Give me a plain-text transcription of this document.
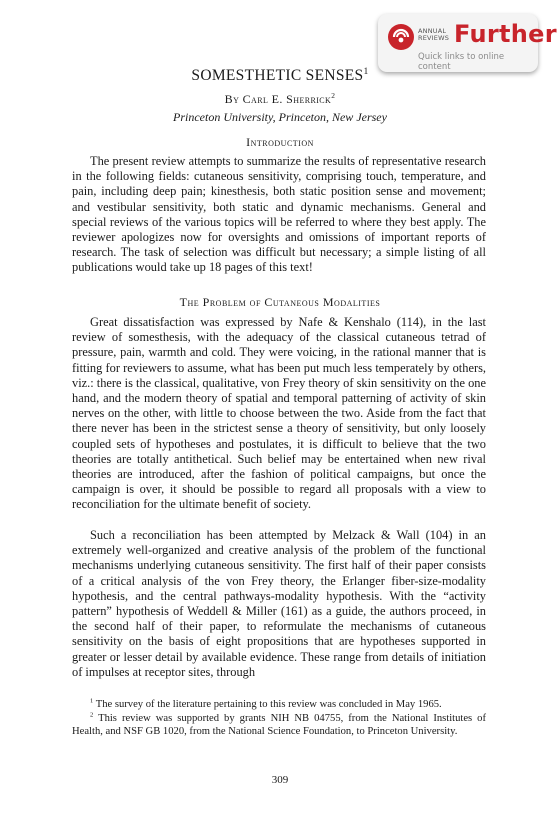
ANNUAL
REVIEWS Further
Quick links to online content
SOMESTHETIC SENSES$^1$
By Carl E. Sherrick$^2$
Princeton University, Princeton, New Jersey
Introduction

The present review attempts to summarize the results of representative research in the following fields: cutaneous sensitivity, comprising touch, temperature, and pain, including deep pain; kinesthesis, both static position sense and movement; and vestibular sensitivity, both static and dynamic mechanisms. General and special reviews of the various topics will be referred to where they best apply. The reviewer apologizes now for oversights and omissions of important reports of research. The task of selection was difficult but necessary; a simple listing of all publications would take up 18 pages of this text!

The Problem of Cutaneous Modalities

Great dissatisfaction was expressed by Nafe & Kenshalo (114), in the last review of somesthesis, with the adequacy of the classical cutaneous tetrad of pressure, pain, warmth and cold. They were voicing, in the rational manner that is fitting for reviewers to assume, what has been put much less temperately by others, viz.: there is the classical, qualitative, von Frey theory of skin sensitivity on the one hand, and the modern theory of spatial and temporal patterning of activity of skin nerves on the other, with little to choose between the two. Aside from the fact that there never has been in the strictest sense a theory of sensitivity, but only loosely coupled sets of hypotheses and postulates, it is difficult to believe that the two theories are totally antithetical. Such belief may be entertained when new rival theories are introduced, after the fashion of political campaigns, but once the campaign is over, it should be possible to regard all proposals with a view to reconciliation for the ultimate benefit of society.

Such a reconciliation has been attempted by Melzack & Wall (104) in an extremely well-organized and creative analysis of the problem of the functional mechanisms underlying cutaneous sensitivity. The first half of their paper consists of a critical analysis of the von Frey theory, the Erlanger fiber-size-modality hypothesis, and the central pathways-modality hypothesis. With the “activity pattern” hypothesis of Weddell & Miller (161) as a guide, the authors proceed, in the second half of their paper, to reformulate the mechanisms of cutaneous sensitivity on the basis of eight propositions that are hypotheses supported in greater or lesser detail by available evidence. These range from details of initiation of impulses at receptor sites, through

$^1$ The survey of the literature pertaining to this review was concluded in May 1965.

$^2$ This review was supported by grants NIH NB 04755, from the National Institutes of Health, and NSF GB 1020, from the National Science Foundation, to Princeton University.

309
